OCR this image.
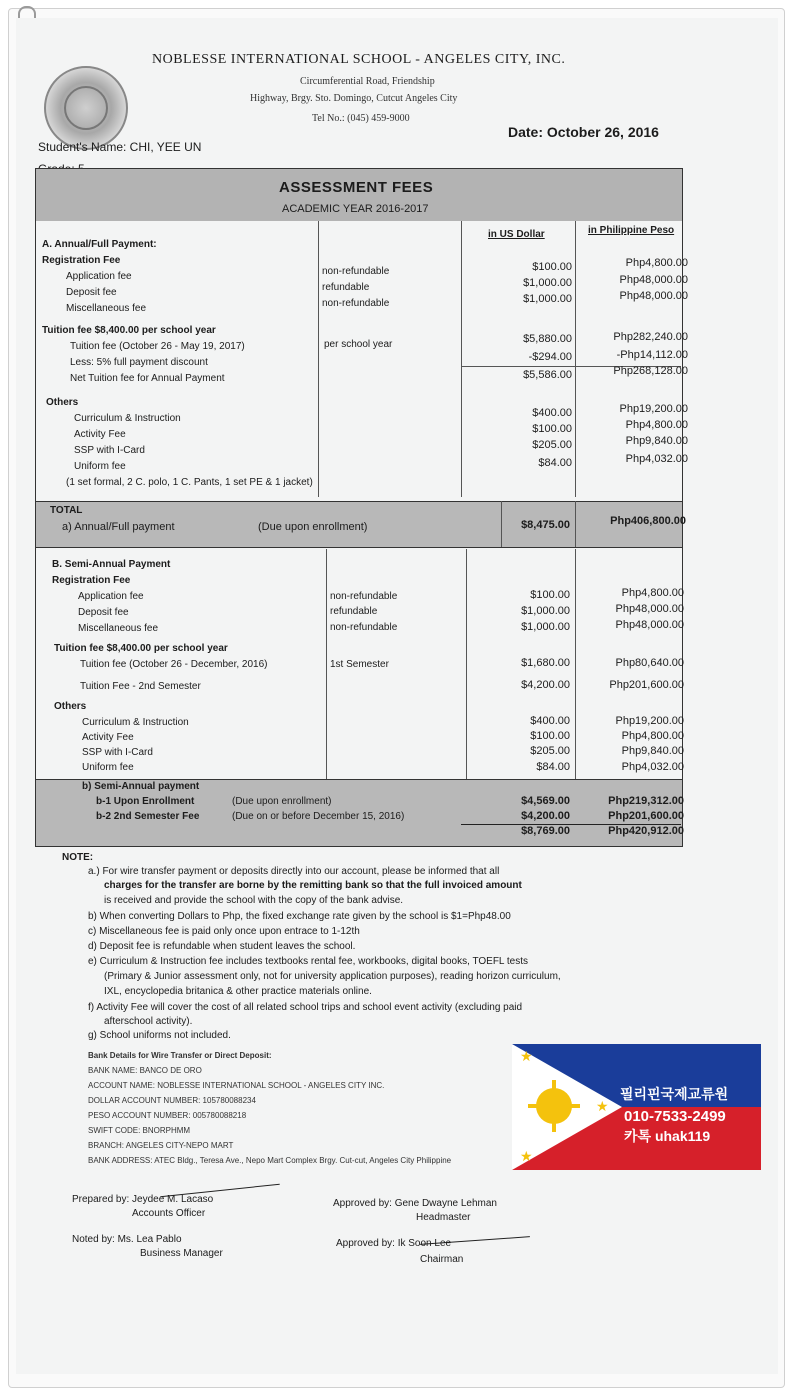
NOBLESSE INTERNATIONAL SCHOOL - ANGELES CITY, INC.
Circumferential Road, Friendship
Highway, Brgy. Sto. Domingo, Cutcut Angeles City
Tel No.: (045) 459-9000
Student's Name: CHI, YEE UN
Date: October 26, 2016
ASSESSMENT FEES
ACADEMIC YEAR 2016-2017
in US Dollar	in Philippine Peso
A. Annual/Full Payment:
Registration Fee
Application fee	non-refundable	$100.00	Php4,800.00
Deposit fee	refundable	$1,000.00	Php48,000.00
Miscellaneous fee	non-refundable	$1,000.00	Php48,000.00
Tuition fee $8,400.00 per school year
Tuition fee (October 26 - May 19, 2017)	per school year	$5,880.00	Php282,240.00
Less: 5% full payment discount	-$294.00	-Php14,112.00
Net Tuition fee for Annual Payment	$5,586.00	Php268,128.00
Others
Curriculum & Instruction	$400.00	Php19,200.00
Activity Fee	$100.00	Php4,800.00
SSP with I-Card	$205.00	Php9,840.00
Uniform fee	$84.00	Php4,032.00
(1 set formal, 2 C. polo, 1 C. Pants, 1 set PE & 1 jacket)
TOTAL
a) Annual/Full payment	(Due upon enrollment)	$8,475.00	Php406,800.00
B. Semi-Annual Payment
Registration Fee
Application fee	non-refundable	$100.00	Php4,800.00
Deposit fee	refundable	$1,000.00	Php48,000.00
Miscellaneous fee	non-refundable	$1,000.00	Php48,000.00
Tuition fee $8,400.00 per school year
Tuition fee (October 26 - December, 2016)	1st Semester	$1,680.00	Php80,640.00
Tuition Fee - 2nd Semester	$4,200.00	Php201,600.00
Others
Curriculum & Instruction	$400.00	Php19,200.00
Activity Fee	$100.00	Php4,800.00
SSP with I-Card	$205.00	Php9,840.00
Uniform fee	$84.00	Php4,032.00
b) Semi-Annual payment
b-1 Upon Enrollment	(Due upon enrollment)	$4,569.00	Php219,312.00
b-2 2nd Semester Fee	(Due on or before December 15, 2016)	$4,200.00	Php201,600.00
$8,769.00	Php420,912.00
NOTE:
a.) For wire transfer payment or deposits directly into our account, please be informed that all
charges for the transfer are borne by the remitting bank so that the full invoiced amount
is received and provide the school with the copy of the bank advise.
b) When converting Dollars to Php, the fixed exchange rate given by the school is $1=Php48.00
c) Miscellaneous fee is paid only once upon entrace to 1-12th
d) Deposit fee is refundable when student leaves the school.
e) Curriculum & Instruction fee includes textbooks rental fee, workbooks, digital books, TOEFL tests
(Primary & Junior assessment only, not for university application purposes), reading horizon curriculum,
IXL, encyclopedia britanica & other practice materials online.
f) Activity Fee will cover the cost of all related school trips and school event activity (excluding paid
afterschool activity).
g) School uniforms not included.
Bank Details for Wire Transfer or Direct Deposit:
BANK NAME: BANCO DE ORO
ACCOUNT NAME: NOBLESSE INTERNATIONAL SCHOOL - ANGELES CITY INC.
DOLLAR ACCOUNT NUMBER: 105780088234
PESO ACCOUNT NUMBER: 005780088218
SWIFT CODE: BNORPHMM
BRANCH: ANGELES CITY-NEPO MART
BANK ADDRESS: ATEC Bldg., Teresa Ave., Nepo Mart Complex Brgy. Cut-cut, Angeles City Philippine
Prepared by: Jeydee M. Lacaso
Accounts Officer
Noted by: Ms. Lea Pablo
Business Manager
Approved by: Gene Dwayne Lehman
Headmaster
Approved by: Ik Soon Lee
Chairman
★
★
★
필리핀국제교류원
010-7533-2499
카톡 uhak119
